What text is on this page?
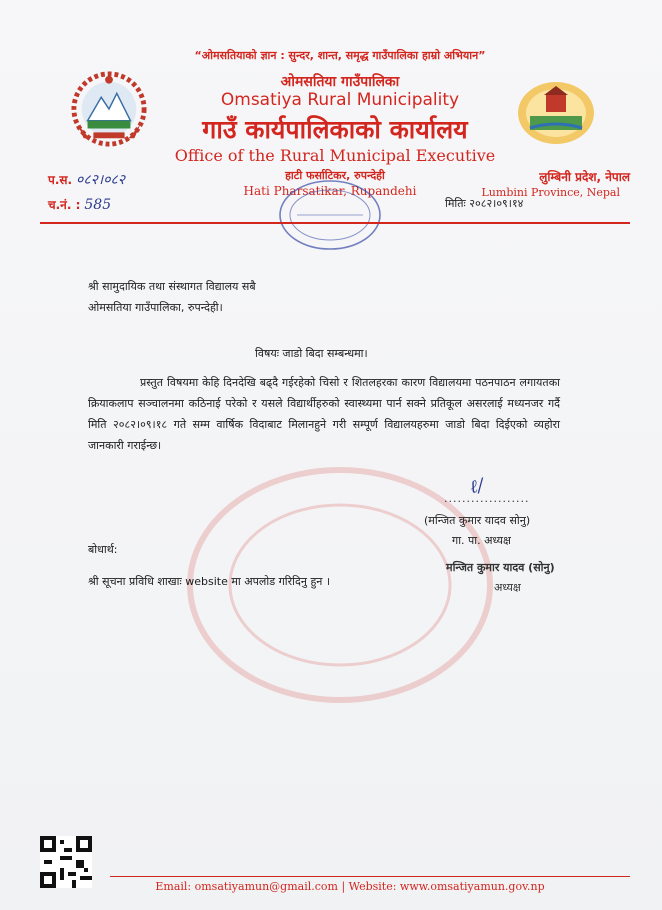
“ओमसतियाको ज्ञान : सुन्दर, शान्त, समृद्ध गाउँपालिका हाम्रो अभियान”
ओमसतिया गाउँपालिका
Omsatiya Rural Municipality
गाउँ कार्यपालिकाको कार्यालय
Office of the Rural Municipal Executive
हाटी फर्साटिकर, रुपन्देही
Hati Pharsatikar, Rupandehi
लुम्बिनी प्रदेश, नेपाल
Lumbini Province, Nepal
प.स. ०८२।०८२
च.नं. : 585	मितिः २०८२।०९।१४
श्री सामुदायिक तथा संस्थागत विद्यालय सबै
ओमसतिया गाउँपालिका, रुपन्देही।
विषयः जाडो बिदा सम्बन्धमा।
प्रस्तुत विषयमा केहि दिनदेखि बढ्दै गईरहेको चिसो र शितलहरका कारण विद्यालयमा पठनपाठन लगायतका क्रियाकलाप सञ्चालनमा कठिनाई परेको र यसले विद्यार्थीहरुको स्वास्थ्यमा पार्न सक्ने प्रतिकूल असरलाई मध्यनजर गर्दै मिति २०८२।०९।१८ गते सम्म वार्षिक विदाबाट मिलानहुने गरी सम्पूर्ण विद्यालयहरुमा जाडो बिदा दिईएको व्यहोरा जानकारी गराईन्छ।
ℓ/
...................
(मन्जित कुमार यादव सोनु)
गा. पा. अध्यक्ष
मन्जित कुमार यादव (सोनु)
अध्यक्ष
बोधार्थ:
श्री सूचना प्रविधि शाखाः website मा अपलोड गरिदिनु हुन ।
Email: omsatiyamun@gmail.com | Website: www.omsatiyamun.gov.np
